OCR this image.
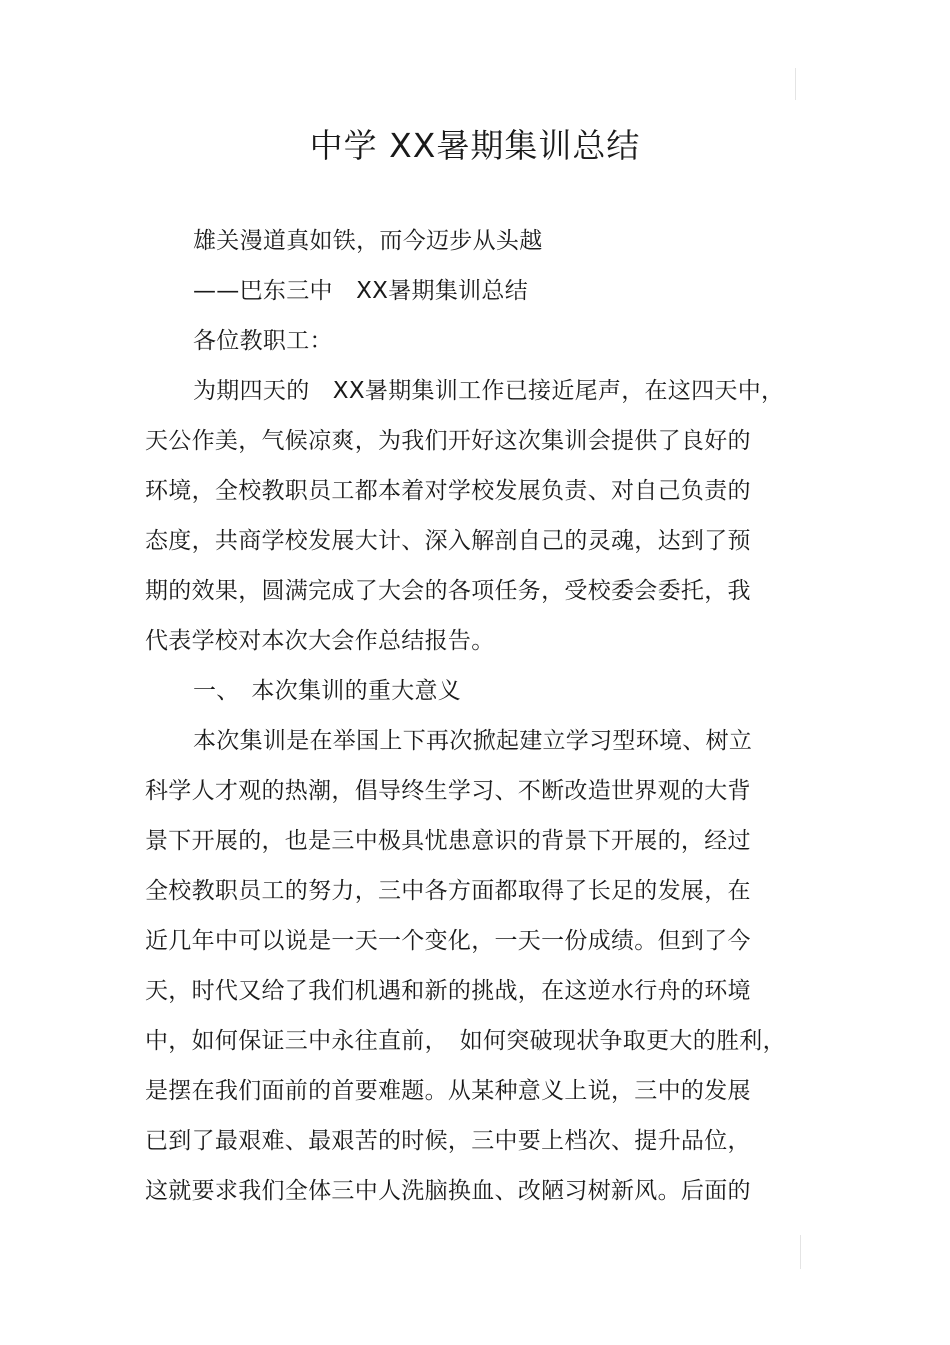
中学 XX暑期集训总结
雄关漫道真如铁，而今迈步从头越
——巴东三中　XX暑期集训总结
各位教职工：
为期四天的　XX暑期集训工作已接近尾声，在这四天中，
天公作美，气候凉爽，为我们开好这次集训会提供了良好的
环境，全校教职员工都本着对学校发展负责、对自己负责的
态度，共商学校发展大计、深入解剖自己的灵魂，达到了预
期的效果，圆满完成了大会的各项任务，受校委会委托，我
代表学校对本次大会作总结报告。
一、　本次集训的重大意义
本次集训是在举国上下再次掀起建立学习型环境、树立
科学人才观的热潮，倡导终生学习、不断改造世界观的大背
景下开展的，也是三中极具忧患意识的背景下开展的，经过
全校教职员工的努力，三中各方面都取得了长足的发展，在
近几年中可以说是一天一个变化，一天一份成绩。但到了今
天，时代又给了我们机遇和新的挑战，在这逆水行舟的环境
中，如何保证三中永往直前，　如何突破现状争取更大的胜利，
是摆在我们面前的首要难题。从某种意义上说，三中的发展
已到了最艰难、最艰苦的时候，三中要上档次、提升品位，
这就要求我们全体三中人洗脑换血、改陋习树新风。后面的
